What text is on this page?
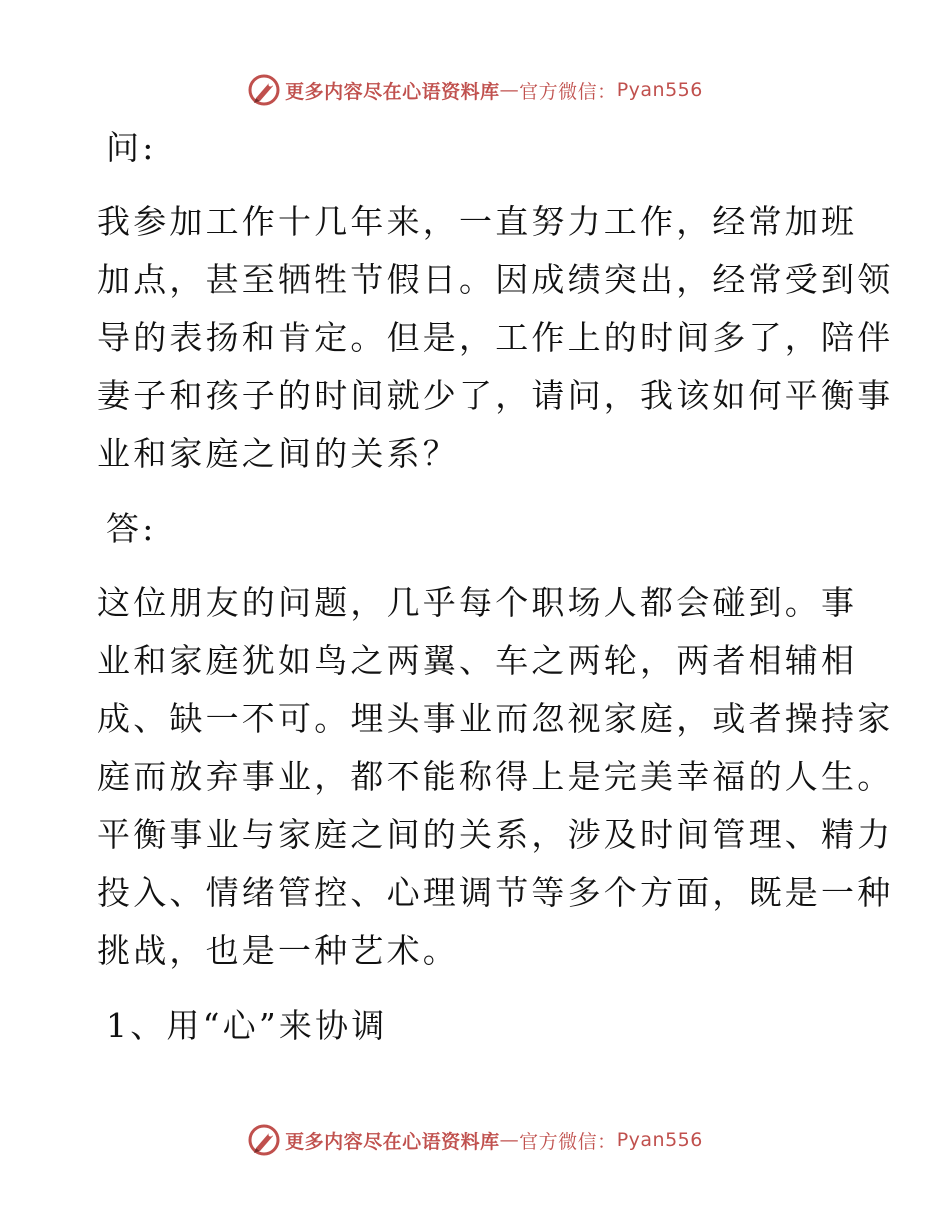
更多内容尽在心语资料库 — 官方微信： Pyan556
问:
我参加工作十几年来，一直努力工作，经常加班
加点，甚至牺牲节假日。因成绩突出，经常受到领
导的表扬和肯定。但是，工作上的时间多了，陪伴
妻子和孩子的时间就少了，请问，我该如何平衡事
业和家庭之间的关系？
答:
这位朋友的问题，几乎每个职场人都会碰到。事
业和家庭犹如鸟之两翼、车之两轮，两者相辅相
成、缺一不可。埋头事业而忽视家庭，或者操持家
庭而放弃事业，都不能称得上是完美幸福的人生。
平衡事业与家庭之间的关系，涉及时间管理、精力
投入、情绪管控、心理调节等多个方面，既是一种
挑战，也是一种艺术。
1、用“心”来协调
更多内容尽在心语资料库 — 官方微信： Pyan556
